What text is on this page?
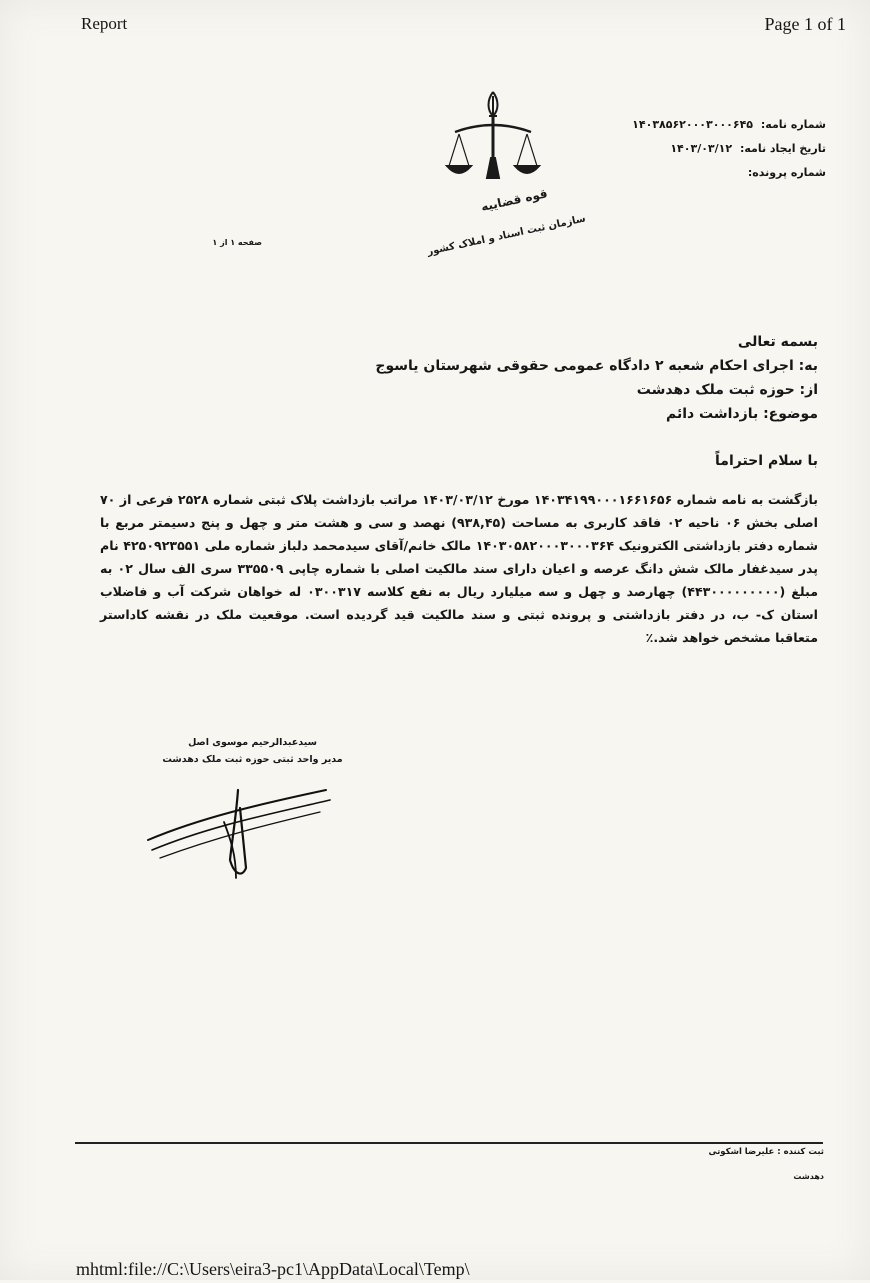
Report	Page 1 of 1
شماره نامه: ۱۴۰۳۸۵۶۲۰۰۰۳۰۰۰۶۴۵
تاریخ ایجاد نامه: ۱۴۰۳/۰۳/۱۲
شماره پرونده:
قوه قضاییه
سازمان ثبت اسناد و املاک کشور
صفحه ۱ از ۱
بسمه تعالی
به: اجرای احکام شعبه ۲ دادگاه عمومی حقوقی شهرستان یاسوج
از: حوزه ثبت ملک دهدشت
موضوع: بازداشت دائم
با سلام احتراماً
بازگشت به نامه شماره ۱۴۰۳۴۱۹۹۰۰۰۱۶۶۱۶۵۶ مورخ ۱۴۰۳/۰۳/۱۲ مراتب بازداشت پلاک ثبتی شماره ۲۵۲۸ فرعی از ۷۰ اصلی بخش ۰۶ ناحیه ۰۲ فاقد کاربری به مساحت (۹۳۸,۴۵) نهصد و سی و هشت متر و چهل و پنج دسیمتر مربع با شماره دفتر بازداشتی الکترونیک ۱۴۰۳۰۵۸۲۰۰۰۳۰۰۰۳۶۴ مالک خانم/آقای سیدمحمد دلباز شماره ملی ۴۲۵۰۹۲۳۵۵۱ نام پدر سیدغفار مالک شش دانگ عرصه و اعیان دارای سند مالکیت اصلی با شماره چاپی ۳۳۵۵۰۹ سری الف سال ۰۲ به مبلغ (۴۴۳۰۰۰۰۰۰۰۰۰) چهارصد و چهل و سه میلیارد ریال به نفع کلاسه ۰۳۰۰۳۱۷ له خواهان شرکت آب و فاضلاب استان ک- ب، در دفتر بازداشتی و پرونده ثبتی و سند مالکیت قید گردیده است. موقعیت ملک در نقشه کاداستر متعاقبا مشخص خواهد شد.٪
سیدعبدالرحیم موسوی اصل
مدیر واحد ثبتی حوزه ثبت ملک دهدشت
ثبت کننده : علیرضا اشکوتی
دهدشت
mhtml:file://C:\Users\eira3-pc1\AppData\Local\Temp\
